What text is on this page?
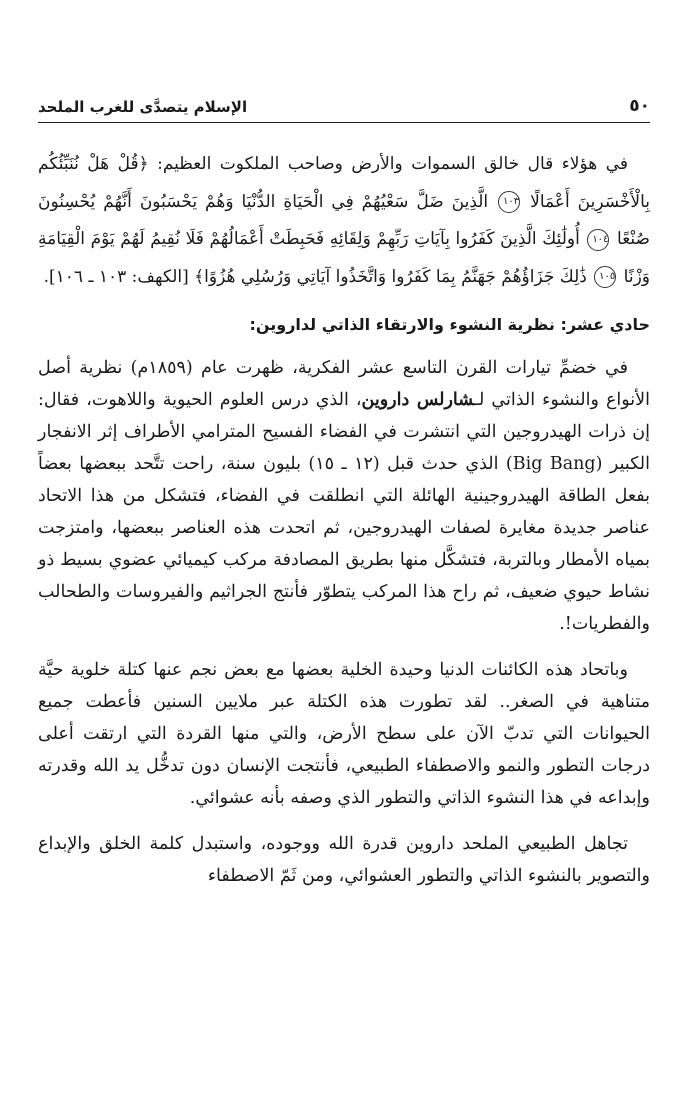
٥٠
الإسلام يتصدَّى للغرب الملحد

في هؤلاء قال خالق السموات والأرض وصاحب الملكوت العظيم: ﴿قُلْ هَلْ نُنَبِّئُكُم بِالْأَخْسَرِينَ أَعْمَالًا ١٠٣ الَّذِينَ ضَلَّ سَعْيُهُمْ فِي الْحَيَاةِ الدُّنْيَا وَهُمْ يَحْسَبُونَ أَنَّهُمْ يُحْسِنُونَ صُنْعًا ١٠٤ أُولَٰئِكَ الَّذِينَ كَفَرُوا بِآيَاتِ رَبِّهِمْ وَلِقَائِهِ فَحَبِطَتْ أَعْمَالُهُمْ فَلَا نُقِيمُ لَهُمْ يَوْمَ الْقِيَامَةِ وَزْنًا ١٠٥ ذَٰلِكَ جَزَاؤُهُمْ جَهَنَّمُ بِمَا كَفَرُوا وَاتَّخَذُوا آيَاتِي وَرُسُلِي هُزُوًا﴾ [الكهف: ١٠٣ ـ ١٠٦].

حادي عشر: نظرية النشوء والارتقاء الذاتي لداروين:

في خضمِّ تيارات القرن التاسع عشر الفكرية، ظهرت عام (١٨٥٩م) نظرية أصل الأنواع والنشوء الذاتي لـشارلس داروين، الذي درس العلوم الحيوية واللاهوت، فقال: إن ذرات الهيدروجين التي انتشرت في الفضاء الفسيح المترامي الأطراف إثر الانفجار الكبير (Big Bang) الذي حدث قبل (١٢ ـ ١٥) بليون سنة، راحت تتَّحد ببعضها بعضاً بفعل الطاقة الهيدروجينية الهائلة التي انطلقت في الفضاء، فتشكل من هذا الاتحاد عناصر جديدة مغايرة لصفات الهيدروجين، ثم اتحدت هذه العناصر ببعضها، وامتزجت بمياه الأمطار وبالتربة، فتشكَّل منها بطريق المصادفة مركب كيميائي عضوي بسيط ذو نشاط حيوي ضعيف، ثم راح هذا المركب يتطوّر فأنتج الجراثيم والفيروسات والطحالب والفطريات!.

وباتحاد هذه الكائنات الدنيا وحيدة الخلية بعضها مع بعض نجم عنها كتلة خلوية حيَّة متناهية في الصغر.. لقد تطورت هذه الكتلة عبر ملايين السنين فأعطت جميع الحيوانات التي تدبّ الآن على سطح الأرض، والتي منها القردة التي ارتقت أعلى درجات التطور والنمو والاصطفاء الطبيعي، فأنتجت الإنسان دون تدخُّل يد الله وقدرته وإبداعه في هذا النشوء الذاتي والتطور الذي وصفه بأنه عشوائي.

تجاهل الطبيعي الملحد داروين قدرة الله ووجوده، واستبدل كلمة الخلق والإبداع والتصوير بالنشوء الذاتي والتطور العشوائي، ومن ثَمّ الاصطفاء
